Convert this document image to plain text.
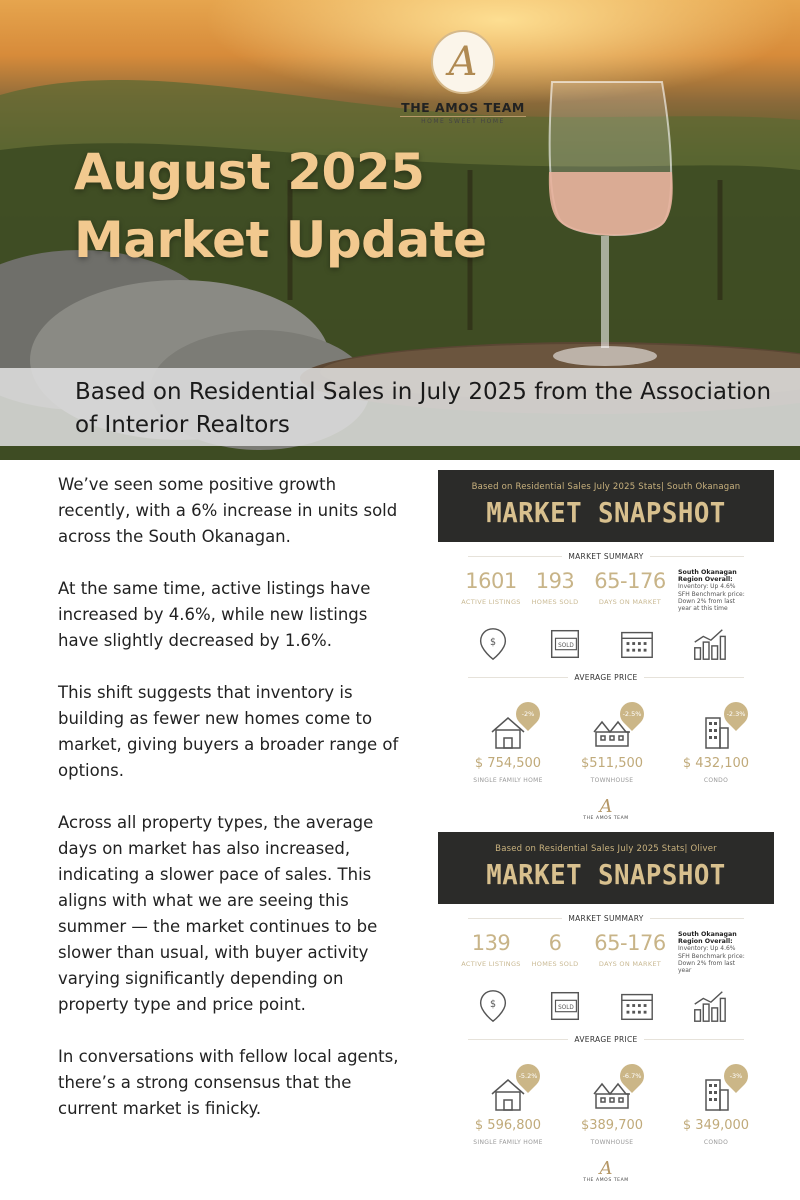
A
THE AMOS TEAM
HOME SWEET HOME
August 2025
Market Update
Based on Residential Sales in July 2025 from the Association of Interior Realtors

We’ve seen some positive growth recently, with a 6% increase in units sold across the South Okanagan.

At the same time, active listings have increased by 4.6%, while new listings have slightly decreased by 1.6%.

This shift suggests that inventory is building as fewer new homes come to market, giving buyers a broader range of options.

Across all property types, the average days on market has also increased, indicating a slower pace of sales. This aligns with what we are seeing this summer — the market continues to be slower than usual, with buyer activity varying significantly depending on property type and price point.

In conversations with fellow local agents, there’s a strong consensus that the current market is finicky.

Based on Residential Sales July 2025 Stats| South Okanagan
MARKET SNAPSHOT
MARKET SUMMARY
1601
ACTIVE LISTINGS
193
HOMES SOLD
65-176
DAYS ON MARKET
South Okanagan Region Overall:
Inventory: Up 4.6%
SFH Benchmark price:
Down 2% from last year at this time
$	SOLD
AVERAGE PRICE
-2%
$ 754,500
SINGLE FAMILY HOME
-2.5%
$511,500
TOWNHOUSE
-2.3%
$ 432,100
CONDO
A
THE AMOS TEAM
Based on Residential Sales July 2025 Stats| Oliver
MARKET SNAPSHOT
MARKET SUMMARY
139
ACTIVE LISTINGS
6
HOMES SOLD
65-176
DAYS ON MARKET
South Okanagan Region Overall:
Inventory: Up 4.6%
SFH Benchmark price:
Down 2% from last year
$	SOLD
AVERAGE PRICE
-5.2%
$ 596,800
SINGLE FAMILY HOME
-6.7%
$389,700
TOWNHOUSE
-3%
$ 349,000
CONDO
A
THE AMOS TEAM
